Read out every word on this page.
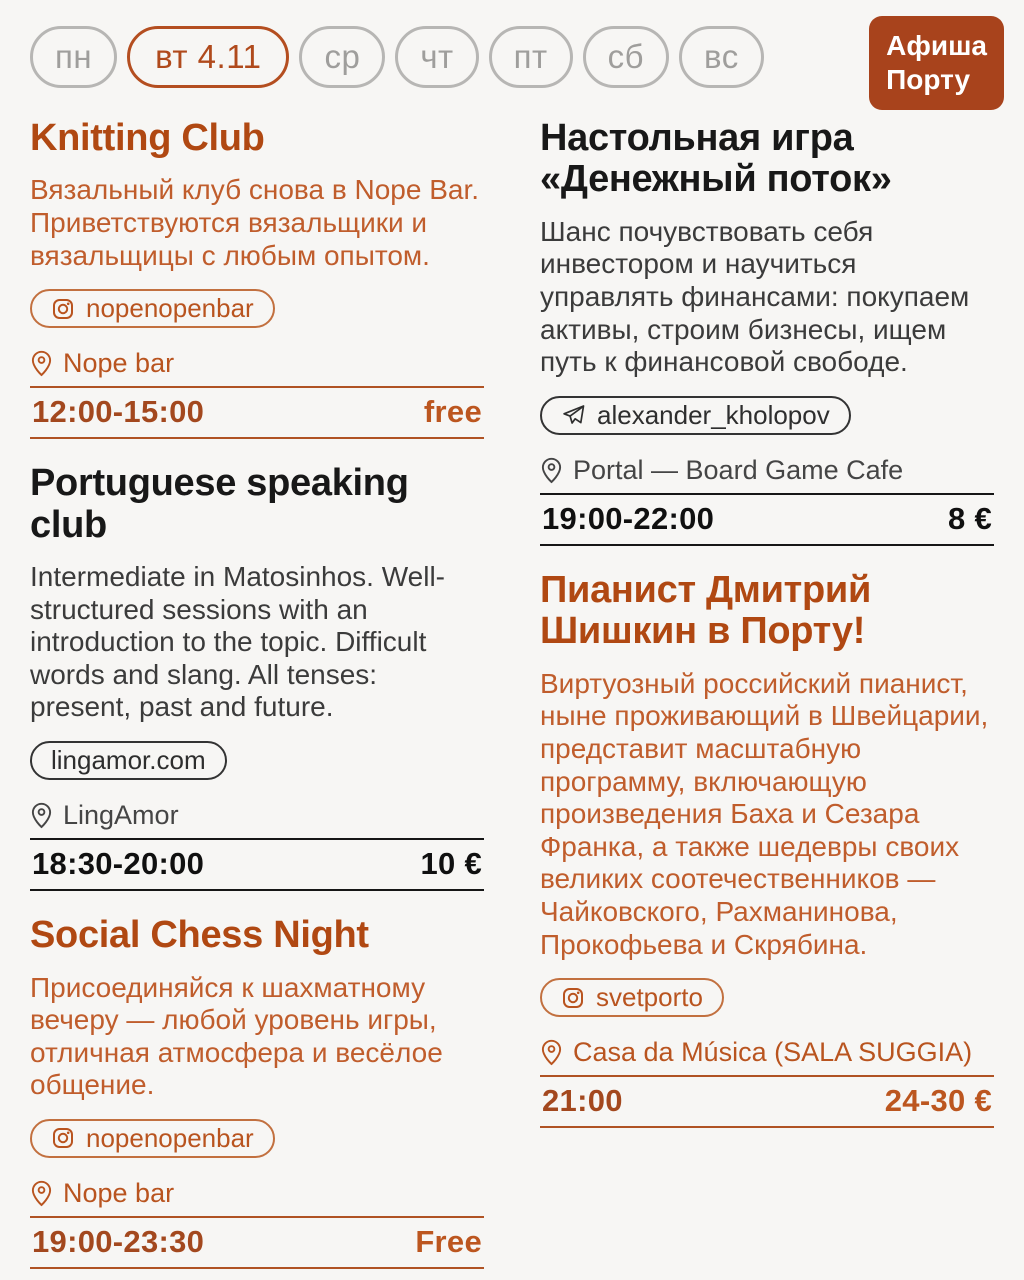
пн	вт 4.11	ср	чт	пт	сб	вс	Афиша
Порту
Knitting Club

Вязальный клуб снова в Nope Bar. Приветствуются вязальщики и вязальщицы с любым опытом.

nopenopenbar
Nope bar
12:00-15:00	free
Portuguese speaking club

Intermediate in Matosinhos. Well-structured sessions with an introduction to the topic. Difficult words and slang. All tenses: present, past and future.

lingamor.com
LingAmor
18:30-20:00	10 €
Social Chess Night

Присоединяйся к шахматному вечеру — любой уровень игры, отличная атмосфера и весёлое общение.

nopenopenbar
Nope bar
19:00-23:30	Free
Настольная игра «Денежный поток»

Шанс почувствовать себя инвестором и научиться управлять финансами: покупаем активы, строим бизнесы, ищем путь к финансовой свободе.

alexander_kholopov
Portal — Board Game Cafe
19:00-22:00	8 €
Пианист Дмитрий Шишкин в Порту!

Виртуозный российский пианист, ныне проживающий в Швейцарии, представит масштабную программу, включающую произведения Баха и Сезара Франка, а также шедевры своих великих соотечественников — Чайковского, Рахманинова, Прокофьева и Скрябина.

svetporto
Casa da Música (SALA SUGGIA)
21:00	24-30 €
